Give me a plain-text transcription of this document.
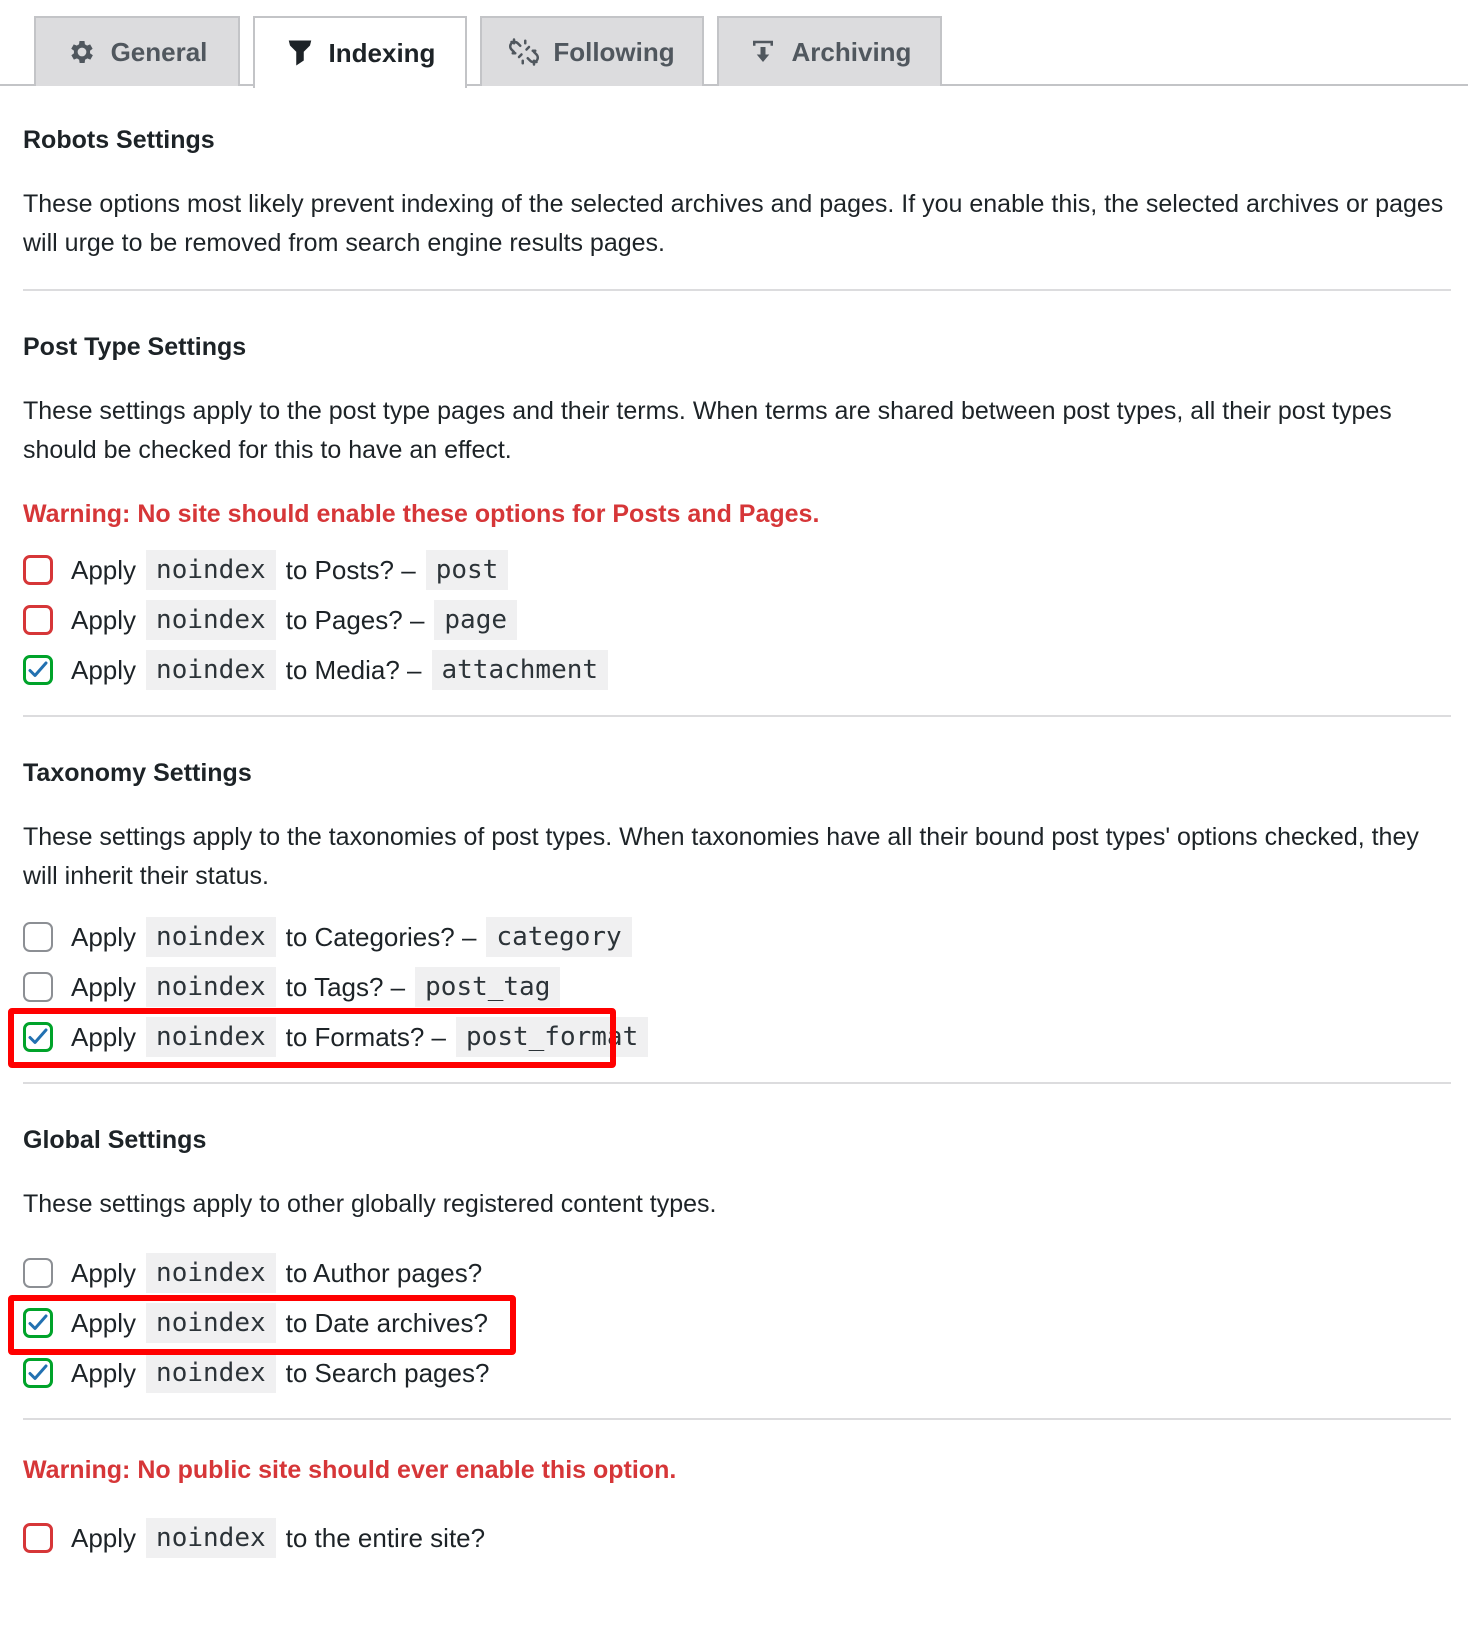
General	Indexing	Following	Archiving
Robots Settings

These options most likely prevent indexing of the selected archives and pages. If you enable this, the selected archives or pages will urge to be removed from search engine results pages.

Post Type Settings

These settings apply to the post type pages and their terms. When terms are shared between post types, all their post types should be checked for this to have an effect.

Warning: No site should enable these options for Posts and Pages.

Apply noindex to Posts? – post
Apply noindex to Pages? – page
Apply noindex to Media? – attachment
Taxonomy Settings

These settings apply to the taxonomies of post types. When taxonomies have all their bound post types' options checked, they will inherit their status.

Apply noindex to Categories? – category
Apply noindex to Tags? – post_tag
Apply noindex to Formats? – post_format
Global Settings

These settings apply to other globally registered content types.

Apply noindex to Author pages?
Apply noindex to Date archives?
Apply noindex to Search pages?

Warning: No public site should ever enable this option.

Apply noindex to the entire site?
